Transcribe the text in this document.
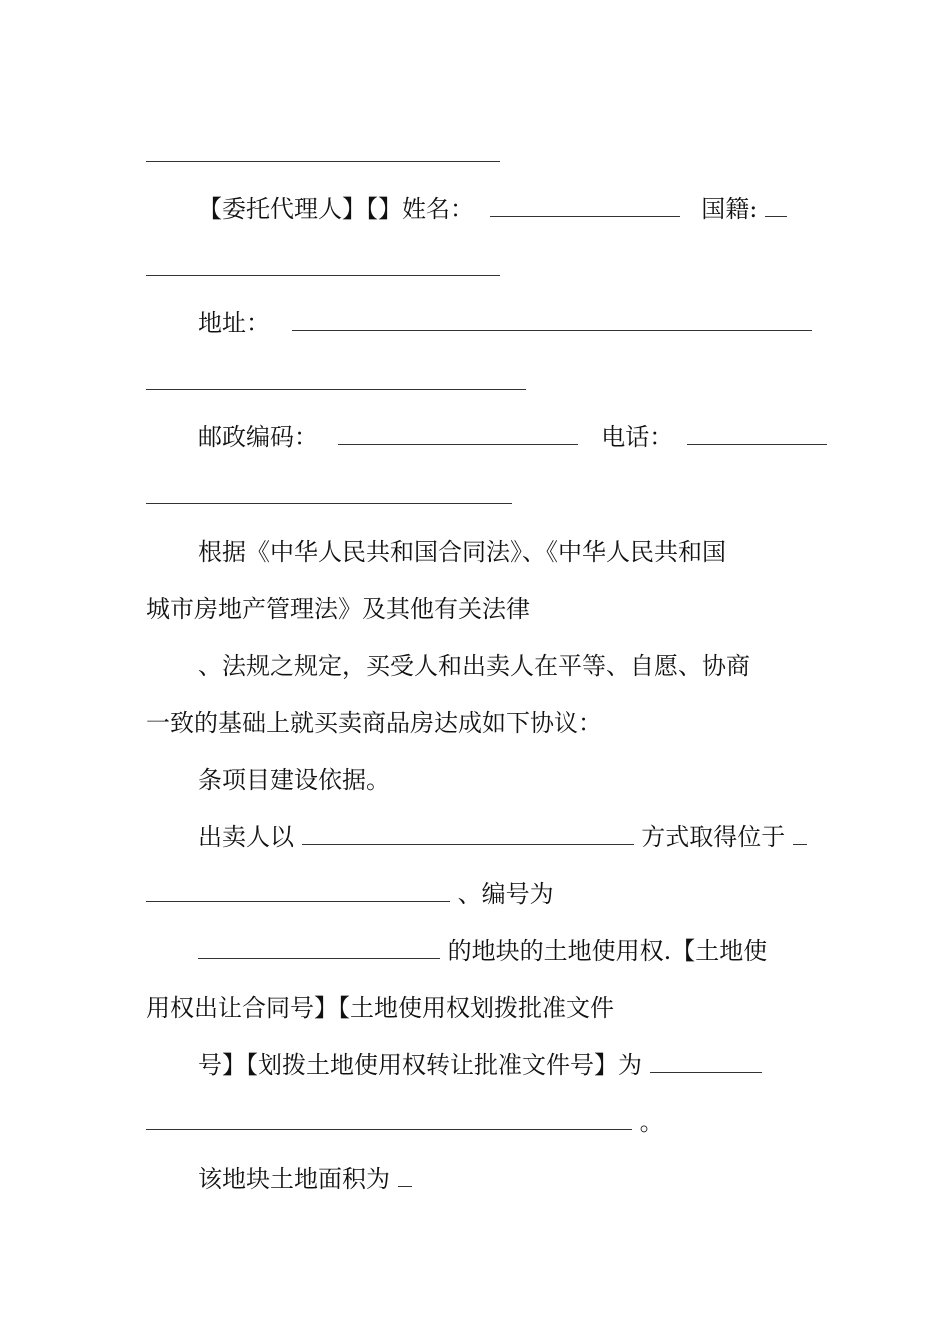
【委托代理人】【】姓名：	国籍:
地址：
邮政编码：	电话：
根据《中华人民共和国合同法》、《中华人民共和国
城市房地产管理法》及其他有关法律
、法规之规定，买受人和出卖人在平等、自愿、协商
一致的基础上就买卖商品房达成如下协议：
条项目建设依据。
出卖人以	方式取得位于
、编号为
的地块的土地使用权.【土地使
用权出让合同号】【土地使用权划拨批准文件
号】【划拨土地使用权转让批准文件号】为
。
该地块土地面积为
